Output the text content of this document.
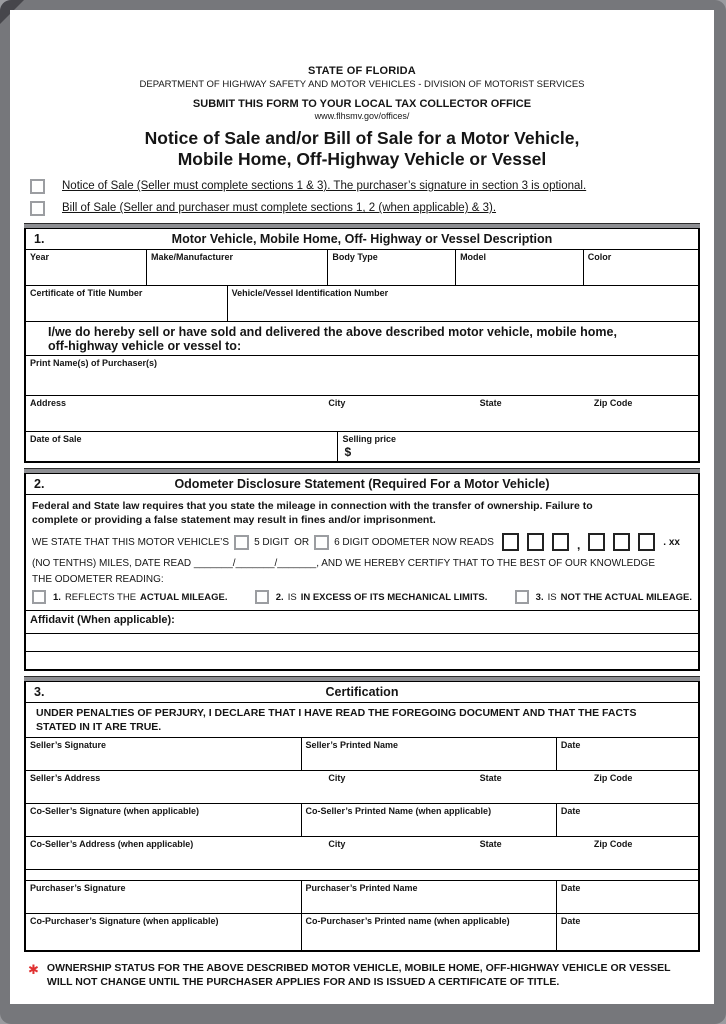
STATE OF FLORIDA
DEPARTMENT OF HIGHWAY SAFETY AND MOTOR VEHICLES - DIVISION OF MOTORIST SERVICES
SUBMIT THIS FORM TO YOUR LOCAL TAX COLLECTOR OFFICE
www.flhsmv.gov/offices/
Notice of Sale and/or Bill of Sale for a Motor Vehicle,
Mobile Home, Off-Highway Vehicle or Vessel
Notice of Sale (Seller must complete sections 1 & 3). The purchaser’s signature in section 3 is optional.
Bill of Sale (Seller and purchaser must complete sections 1, 2 (when applicable) & 3).
1.	Motor Vehicle, Mobile Home, Off- Highway or Vessel Description
Year	Make/Manufacturer	Body Type	Model	Color
Certificate of Title Number	Vehicle/Vessel Identification Number
I/we do hereby sell or have sold and delivered the above described motor vehicle, mobile home,
off-highway vehicle or vessel to:
Print Name(s) of Purchaser(s)
Address	City	State	Zip Code
Date of Sale	Selling price
$
2.	Odometer Disclosure Statement (Required For a Motor Vehicle)
Federal and State law requires that you state the mileage in connection with the transfer of ownership. Failure to
complete or providing a false statement may result in fines and/or imprisonment.
WE STATE THAT THIS MOTOR VEHICLE’S	5 DIGIT OR	6 DIGIT ODOMETER NOW READS	,	. xx
(NO TENTHS) MILES, DATE READ _______/_______/_______, AND WE HEREBY CERTIFY THAT TO THE BEST OF OUR KNOWLEDGE
THE ODOMETER READING:
1. REFLECTS THE ACTUAL MILEAGE.	2. IS IN EXCESS OF ITS MECHANICAL LIMITS.	3. IS NOT THE ACTUAL MILEAGE.
Affidavit (When applicable):
3.	Certification
UNDER PENALTIES OF PERJURY, I DECLARE THAT I HAVE READ THE FOREGOING DOCUMENT AND THAT THE FACTS
STATED IN IT ARE TRUE.
Seller’s Signature	Seller’s Printed Name	Date
Seller’s Address	City	State	Zip Code
Co-Seller’s Signature (when applicable)	Co-Seller’s Printed Name (when applicable)	Date
Co-Seller’s Address (when applicable)	City	State	Zip Code
Purchaser’s Signature	Purchaser’s Printed Name	Date
Co-Purchaser’s Signature (when applicable)	Co-Purchaser’s Printed name (when applicable)	Date
✱ OWNERSHIP STATUS FOR THE ABOVE DESCRIBED MOTOR VEHICLE, MOBILE HOME, OFF-HIGHWAY VEHICLE OR VESSEL
WILL NOT CHANGE UNTIL THE PURCHASER APPLIES FOR AND IS ISSUED A CERTIFICATE OF TITLE.
